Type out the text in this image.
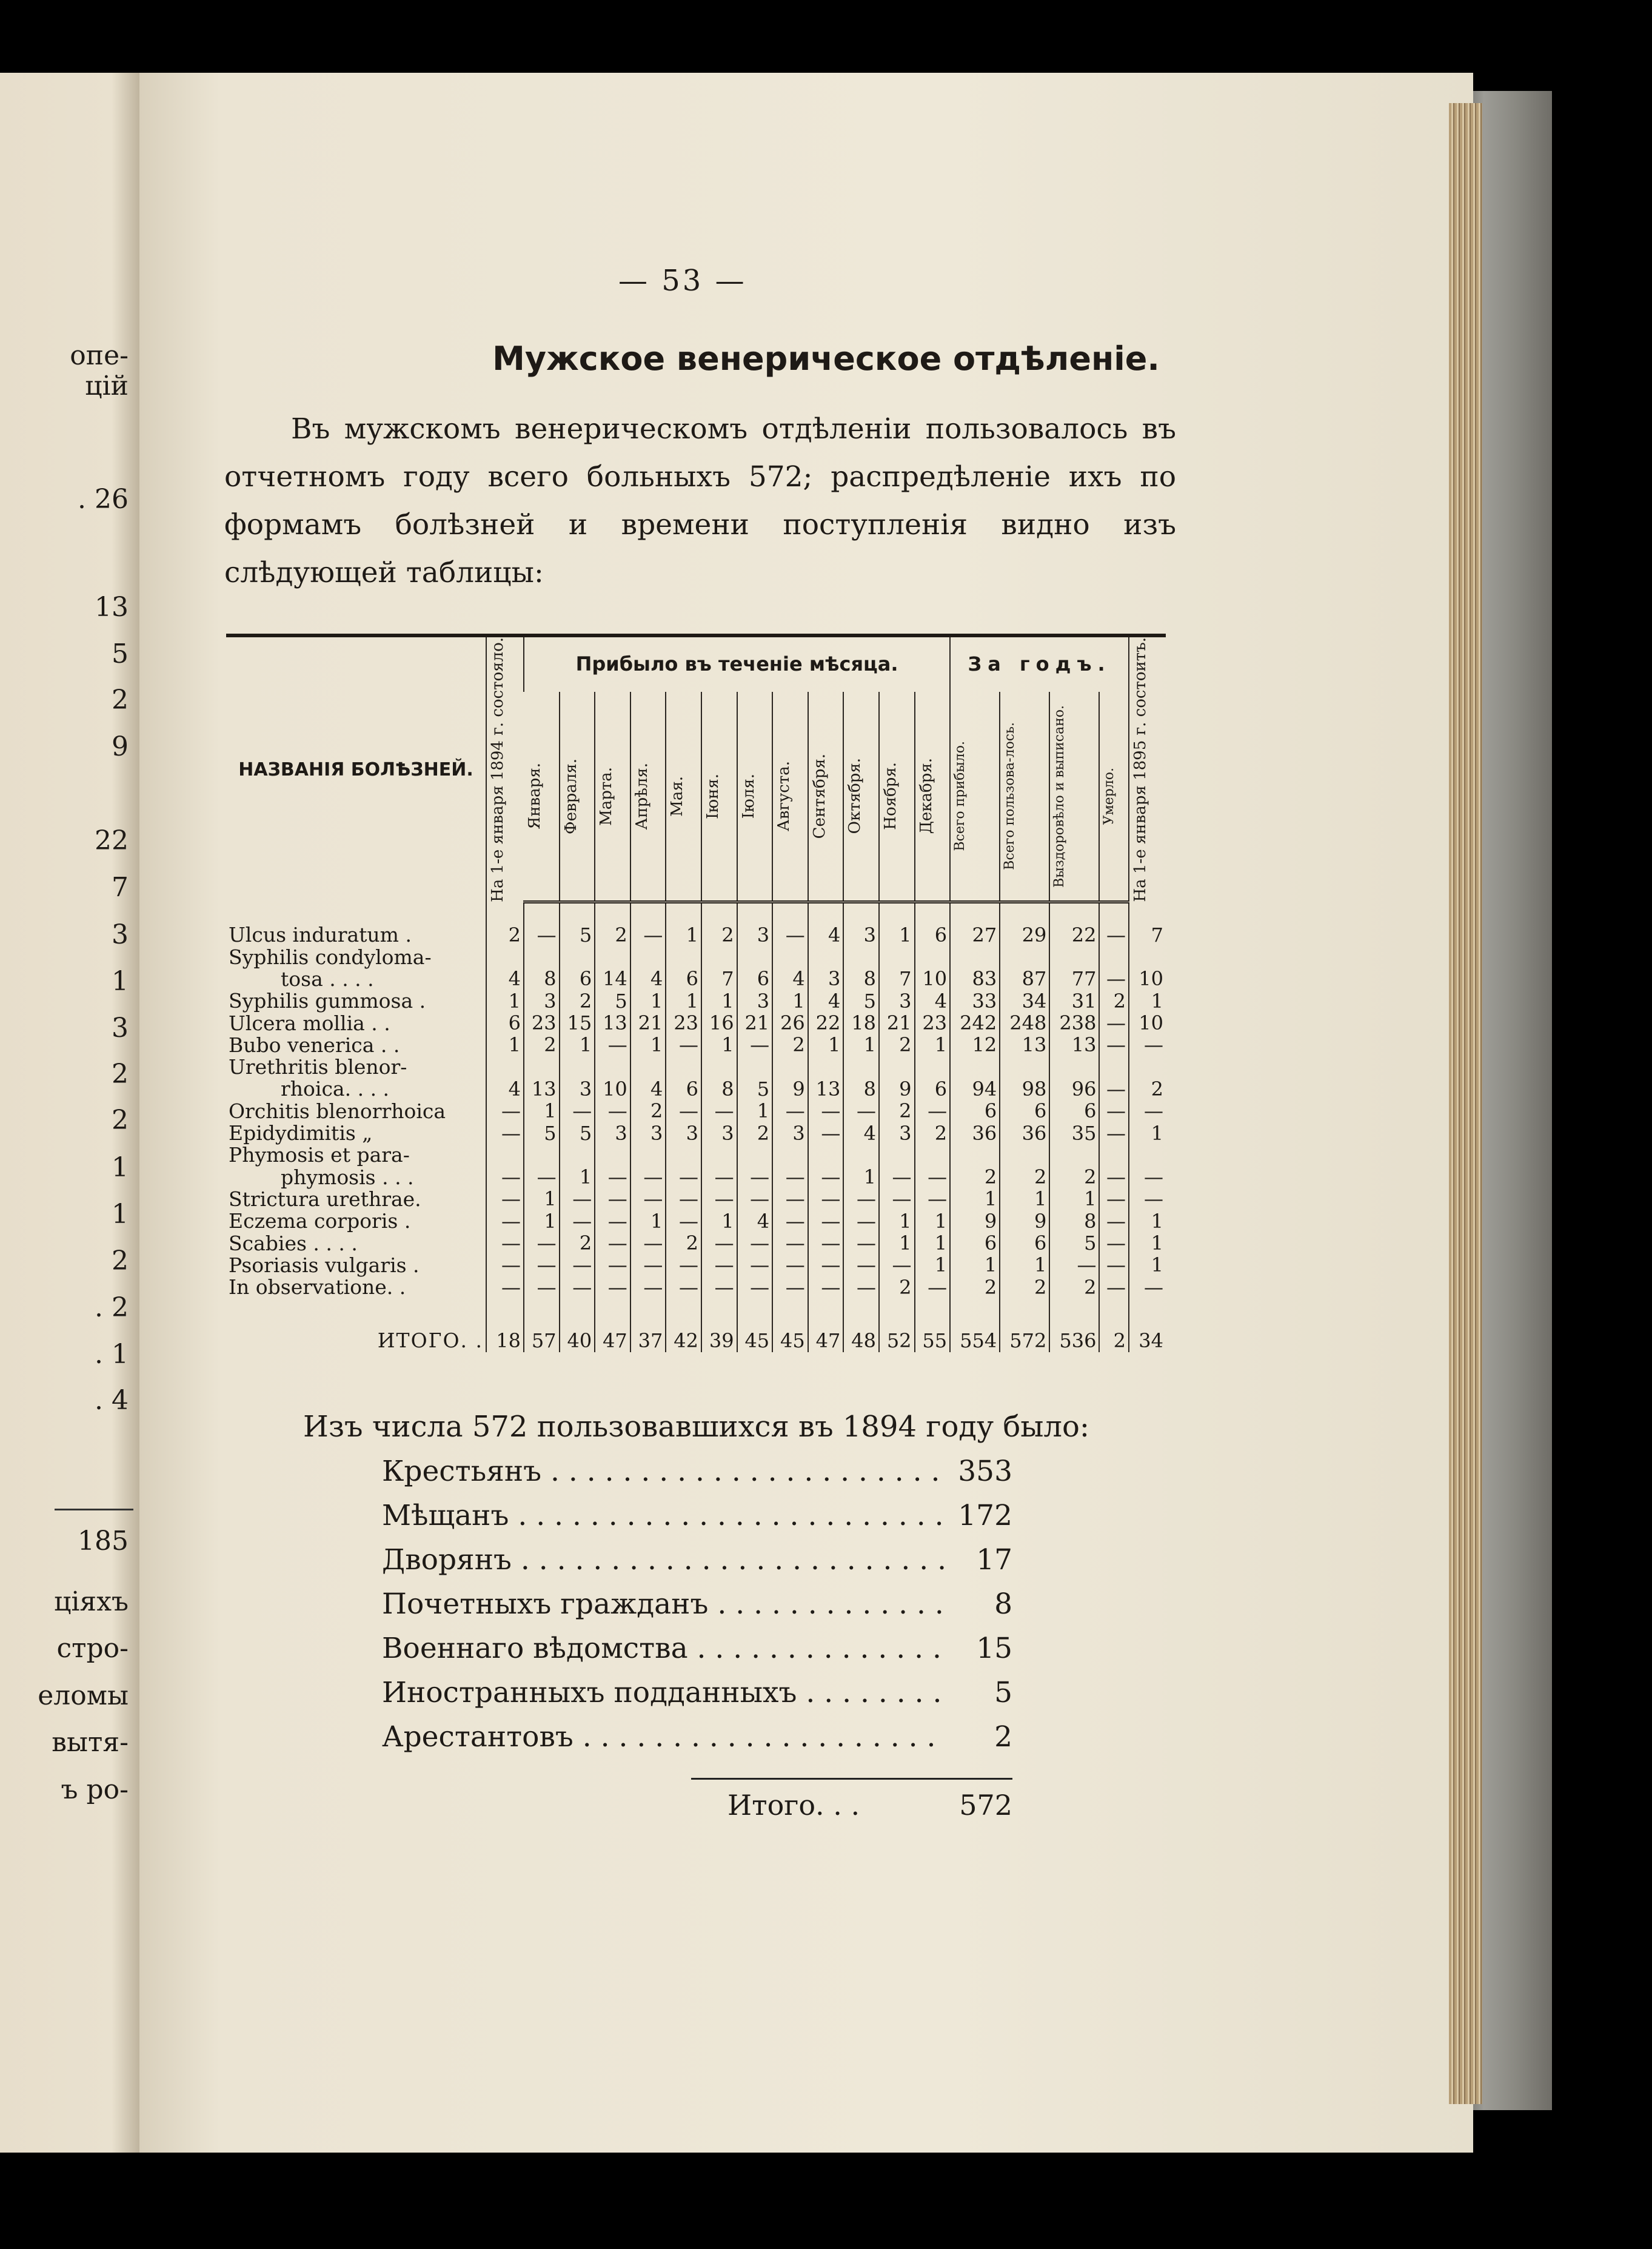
опе-
цій
. 26
13
5
2
9
22
7
3
1
3
2
2
1
1
2
. 2
. 1
. 4
185
ціяхъ
стро-
еломы
вытя-
ъ ро-
— 53 —
Мужское венерическое отдѣленіе.
Въ мужскомъ венерическомъ отдѣленіи пользовалось въ отчетномъ году всего больныхъ 572; распредѣленіе ихъ по формамъ болѣзней и времени поступленія видно изъ слѣдующей таблицы:
НАЗВАНІЯ БОЛѢЗНЕЙ.	На 1-е января 1894 г. состояло.	Прибыло въ теченіе мѣсяца.												За годъ.				На 1-е января 1895 г. состоитъ.

		Января.	Февраля.	Марта.	Апрѣля.	Мая.	Іюня.	Іюля.	Августа.	Сентября.	Октября.	Ноября.	Декабря.	Всего прибыло.	Всего пользова-лось.	Выздоровѣло и выписано.	Умерло.	

Ulcus induratum .	2	—	5	2	—	1	2	3	—	4	3	1	6	27	29	22	—	7
Syphilis condyloma-																		
tosa . . . .	4	8	6	14	4	6	7	6	4	3	8	7	10	83	87	77	—	10
Syphilis gummosa .	1	3	2	5	1	1	1	3	1	4	5	3	4	33	34	31	2	1
Ulcera mollia . .	6	23	15	13	21	23	16	21	26	22	18	21	23	242	248	238	—	10
Bubo venerica . .	1	2	1	—	1	—	1	—	2	1	1	2	1	12	13	13	—	—
Urethritis blenor-																		
rhoica. . . .	4	13	3	10	4	6	8	5	9	13	8	9	6	94	98	96	—	2
Orchitis blenorrhoica	—	1	—	—	2	—	—	1	—	—	—	2	—	6	6	6	—	—
Epidydimitis „	—	5	5	3	3	3	3	2	3	—	4	3	2	36	36	35	—	1
Phymosis et para-																		
phymosis . . .	—	—	1	—	—	—	—	—	—	—	1	—	—	2	2	2	—	—
Strictura urethrae.	—	1	—	—	—	—	—	—	—	—	—	—	—	1	1	1	—	—
Eczema corporis .	—	1	—	—	1	—	1	4	—	—	—	1	1	9	9	8	—	1
Scabies . . . .	—	—	2	—	—	2	—	—	—	—	—	1	1	6	6	5	—	1
Psoriasis vulgaris .	—	—	—	—	—	—	—	—	—	—	—	—	1	1	1	—	—	1
In observatione. .	—	—	—	—	—	—	—	—	—	—	—	2	—	2	2	2	—	—

ИТОГО. .	18	57	40	47	37	42	39	45	45	47	48	52	55	554	572	536	2	34
Изъ числа 572 пользовавшихся въ 1894 году было:
Крестьянъ . . .	353
Мѣщанъ . . .	172
Дворянъ . . .	17
Почетныхъ гражданъ . . .	8
Военнаго вѣдомства . . .	15
Иностранныхъ подданныхъ . . .	5
Арестантовъ . . .	2
Итого. . .	572
